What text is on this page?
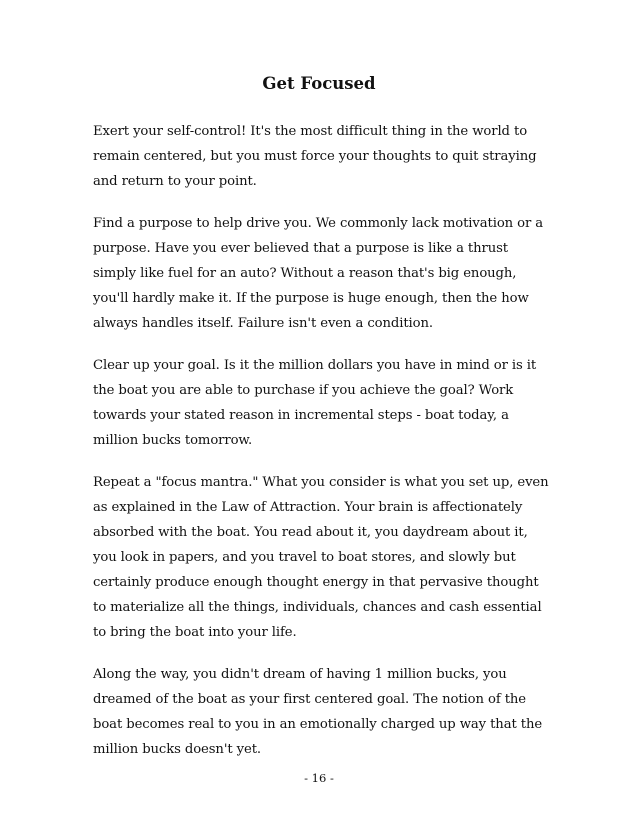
Get Focused

Exert your self-control! It's the most difficult thing in the world to remain centered, but you must force your thoughts to quit straying and return to your point.

Find a purpose to help drive you. We commonly lack motivation or a purpose. Have you ever believed that a purpose is like a thrust simply like fuel for an auto? Without a reason that's big enough, you'll hardly make it. If the purpose is huge enough, then the how always handles itself. Failure isn't even a condition.

Clear up your goal. Is it the million dollars you have in mind or is it the boat you are able to purchase if you achieve the goal? Work towards your stated reason in incremental steps - boat today, a million bucks tomorrow.

Repeat a "focus mantra." What you consider is what you set up, even as explained in the Law of Attraction. Your brain is affectionately absorbed with the boat. You read about it, you daydream about it, you look in papers, and you travel to boat stores, and slowly but certainly produce enough thought energy in that pervasive thought to materialize all the things, individuals, chances and cash essential to bring the boat into your life.

Along the way, you didn't dream of having 1 million bucks, you dreamed of the boat as your first centered goal. The notion of the boat becomes real to you in an emotionally charged up way that the million bucks doesn't yet.

- 16 -
